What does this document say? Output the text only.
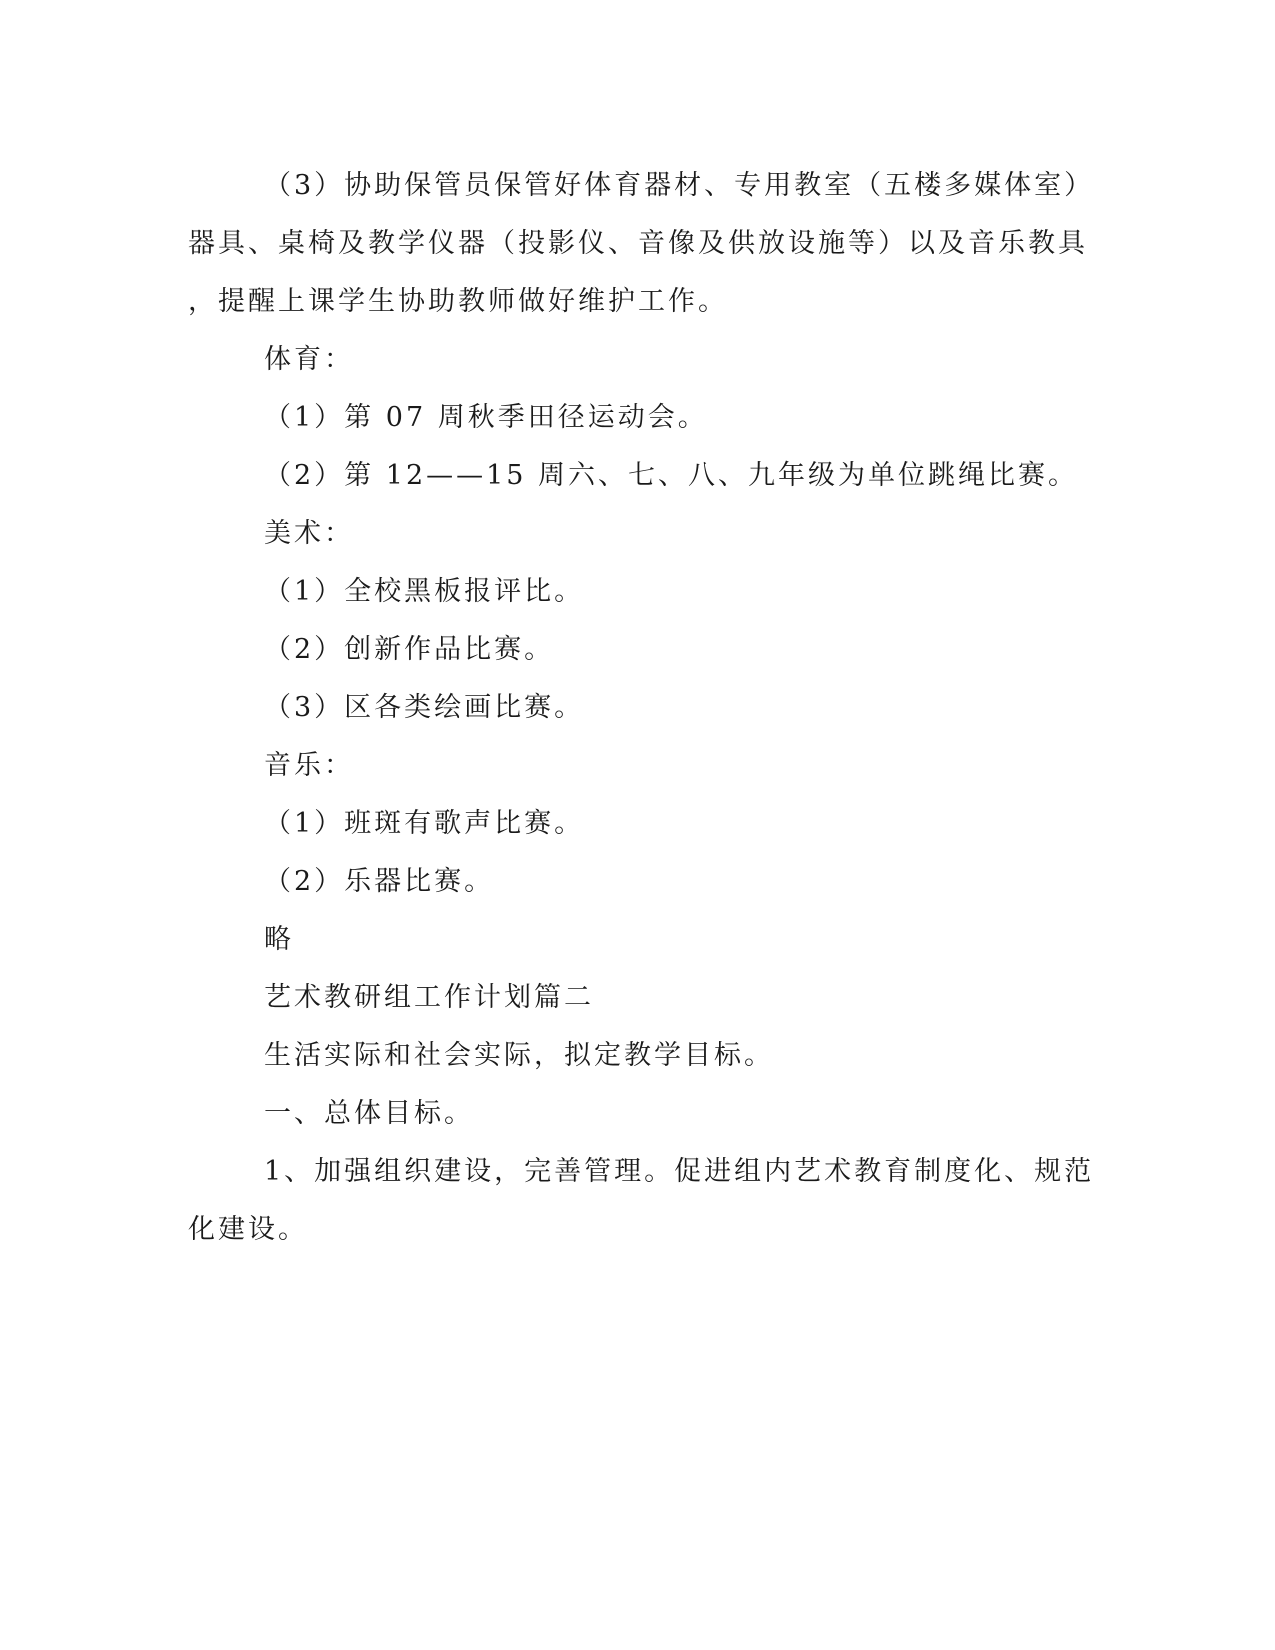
（3）协助保管员保管好体育器材、专用教室（五楼多媒体室）
器具、桌椅及教学仪器（投影仪、音像及供放设施等）以及音乐教具
，提醒上课学生协助教师做好维护工作。
体育：
（1）第 07 周秋季田径运动会。
（2）第 12——15 周六、七、八、九年级为单位跳绳比赛。
美术：
（1）全校黑板报评比。
（2）创新作品比赛。
（3）区各类绘画比赛。
音乐：
（1）班斑有歌声比赛。
（2）乐器比赛。
略
艺术教研组工作计划篇二
生活实际和社会实际，拟定教学目标。
一、总体目标。
1、加强组织建设，完善管理。促进组内艺术教育制度化、规范
化建设。
